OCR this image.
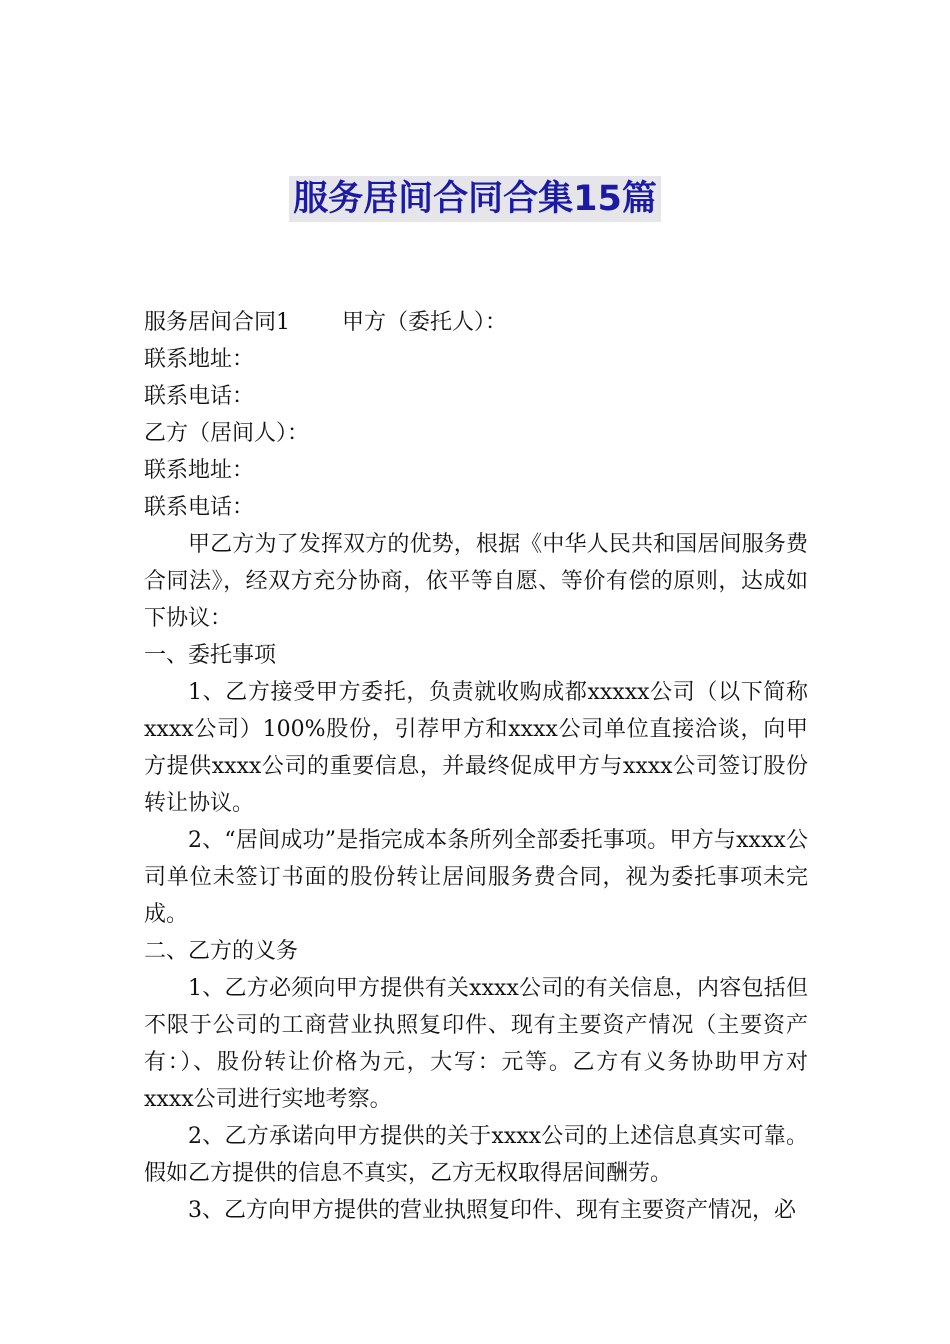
服务居间合同合集15篇

服务居间合同1 甲方（委托人）：

联系地址：

联系电话：

乙方（居间人）：

联系地址：

联系电话：

甲乙方为了发挥双方的优势，根据《中华人民共和国居间服务费合同法》，经双方充分协商，依平等自愿、等价有偿的原则，达成如下协议：

一、委托事项

1、乙方接受甲方委托，负责就收购成都xxxxx公司（以下简称xxxx公司）100%股份，引荐甲方和xxxx公司单位直接洽谈，向甲方提供xxxx公司的重要信息，并最终促成甲方与xxxx公司签订股份转让协议。

2、“居间成功”是指完成本条所列全部委托事项。甲方与xxxx公司单位未签订书面的股份转让居间服务费合同，视为委托事项未完成。

二、乙方的义务

1、乙方必须向甲方提供有关xxxx公司的有关信息，内容包括但不限于公司的工商营业执照复印件、现有主要资产情况（主要资产有：）、股份转让价格为元，大写：元等。乙方有义务协助甲方对xxxx公司进行实地考察。

2、乙方承诺向甲方提供的关于xxxx公司的上述信息真实可靠。假如乙方提供的信息不真实，乙方无权取得居间酬劳。

3、乙方向甲方提供的营业执照复印件、现有主要资产情况，必
